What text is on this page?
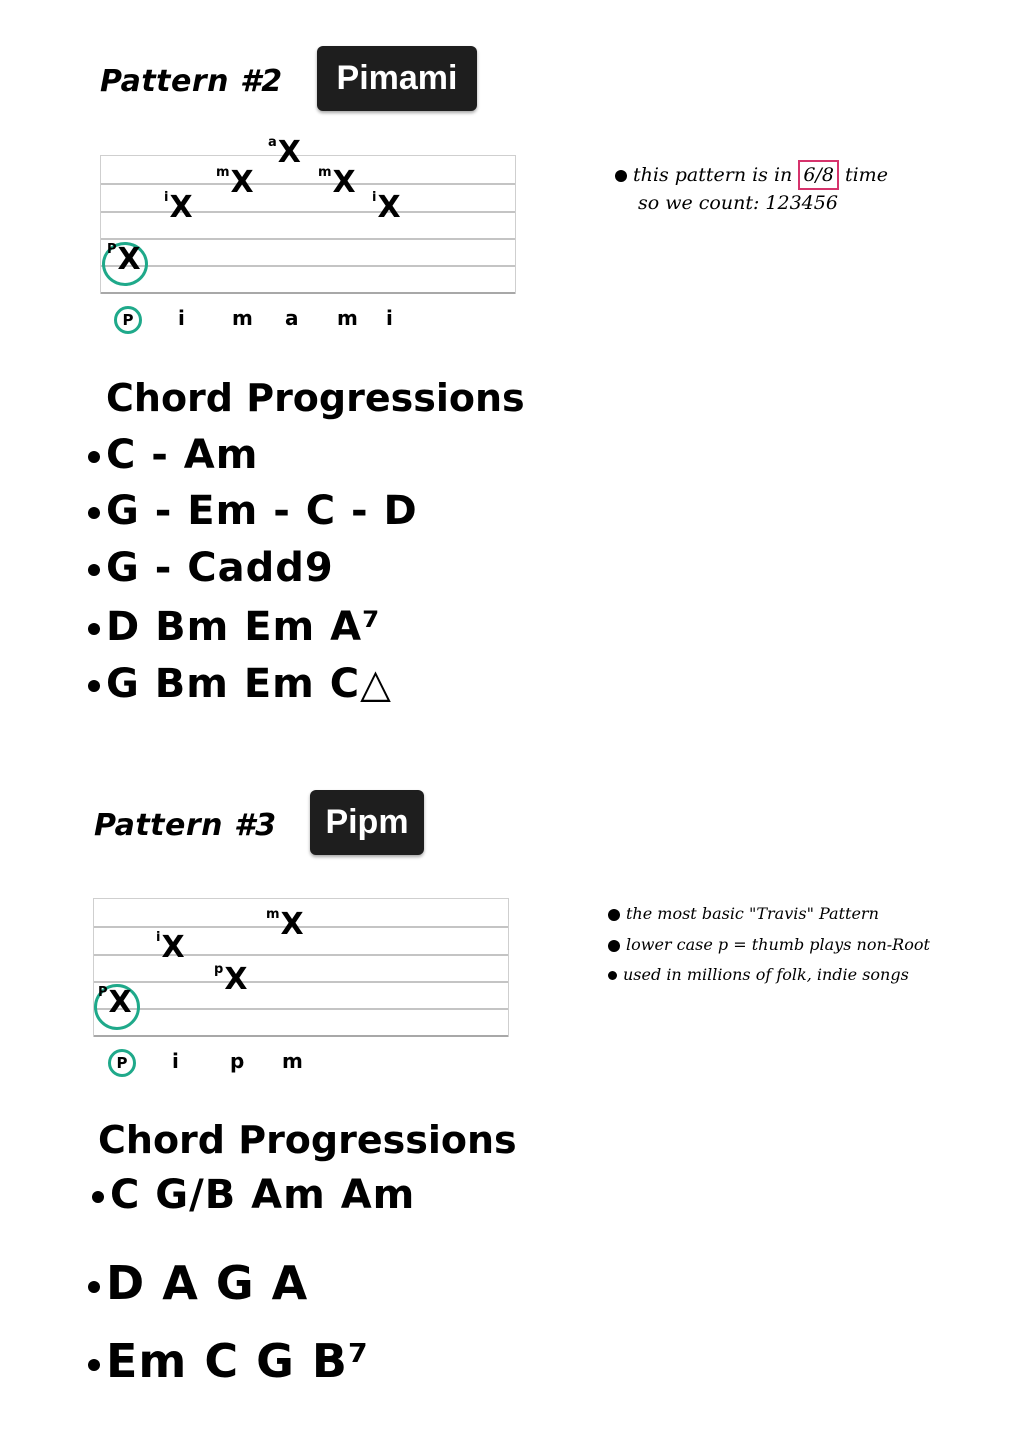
Pattern #2 Pimami
$^P$X
$^i$X
$^m$X
$^a$X
$^m$X $^i$X
P	i m a m i
this pattern is in 6/8 time
so we count: 123456
Chord Progressions
C - Am
G - Em - C - D
G - Cadd9
D Bm Em A⁷
G Bm Em C△
Pattern #3 Pipm
$^P$X
$^i$X
$^p$X
$^m$X
P	i	p m
the most basic "Travis" Pattern
lower case p = thumb plays non-Root
used in millions of folk, indie songs
Chord Progressions
C G/B Am Am
D A G A
Em C G B⁷
